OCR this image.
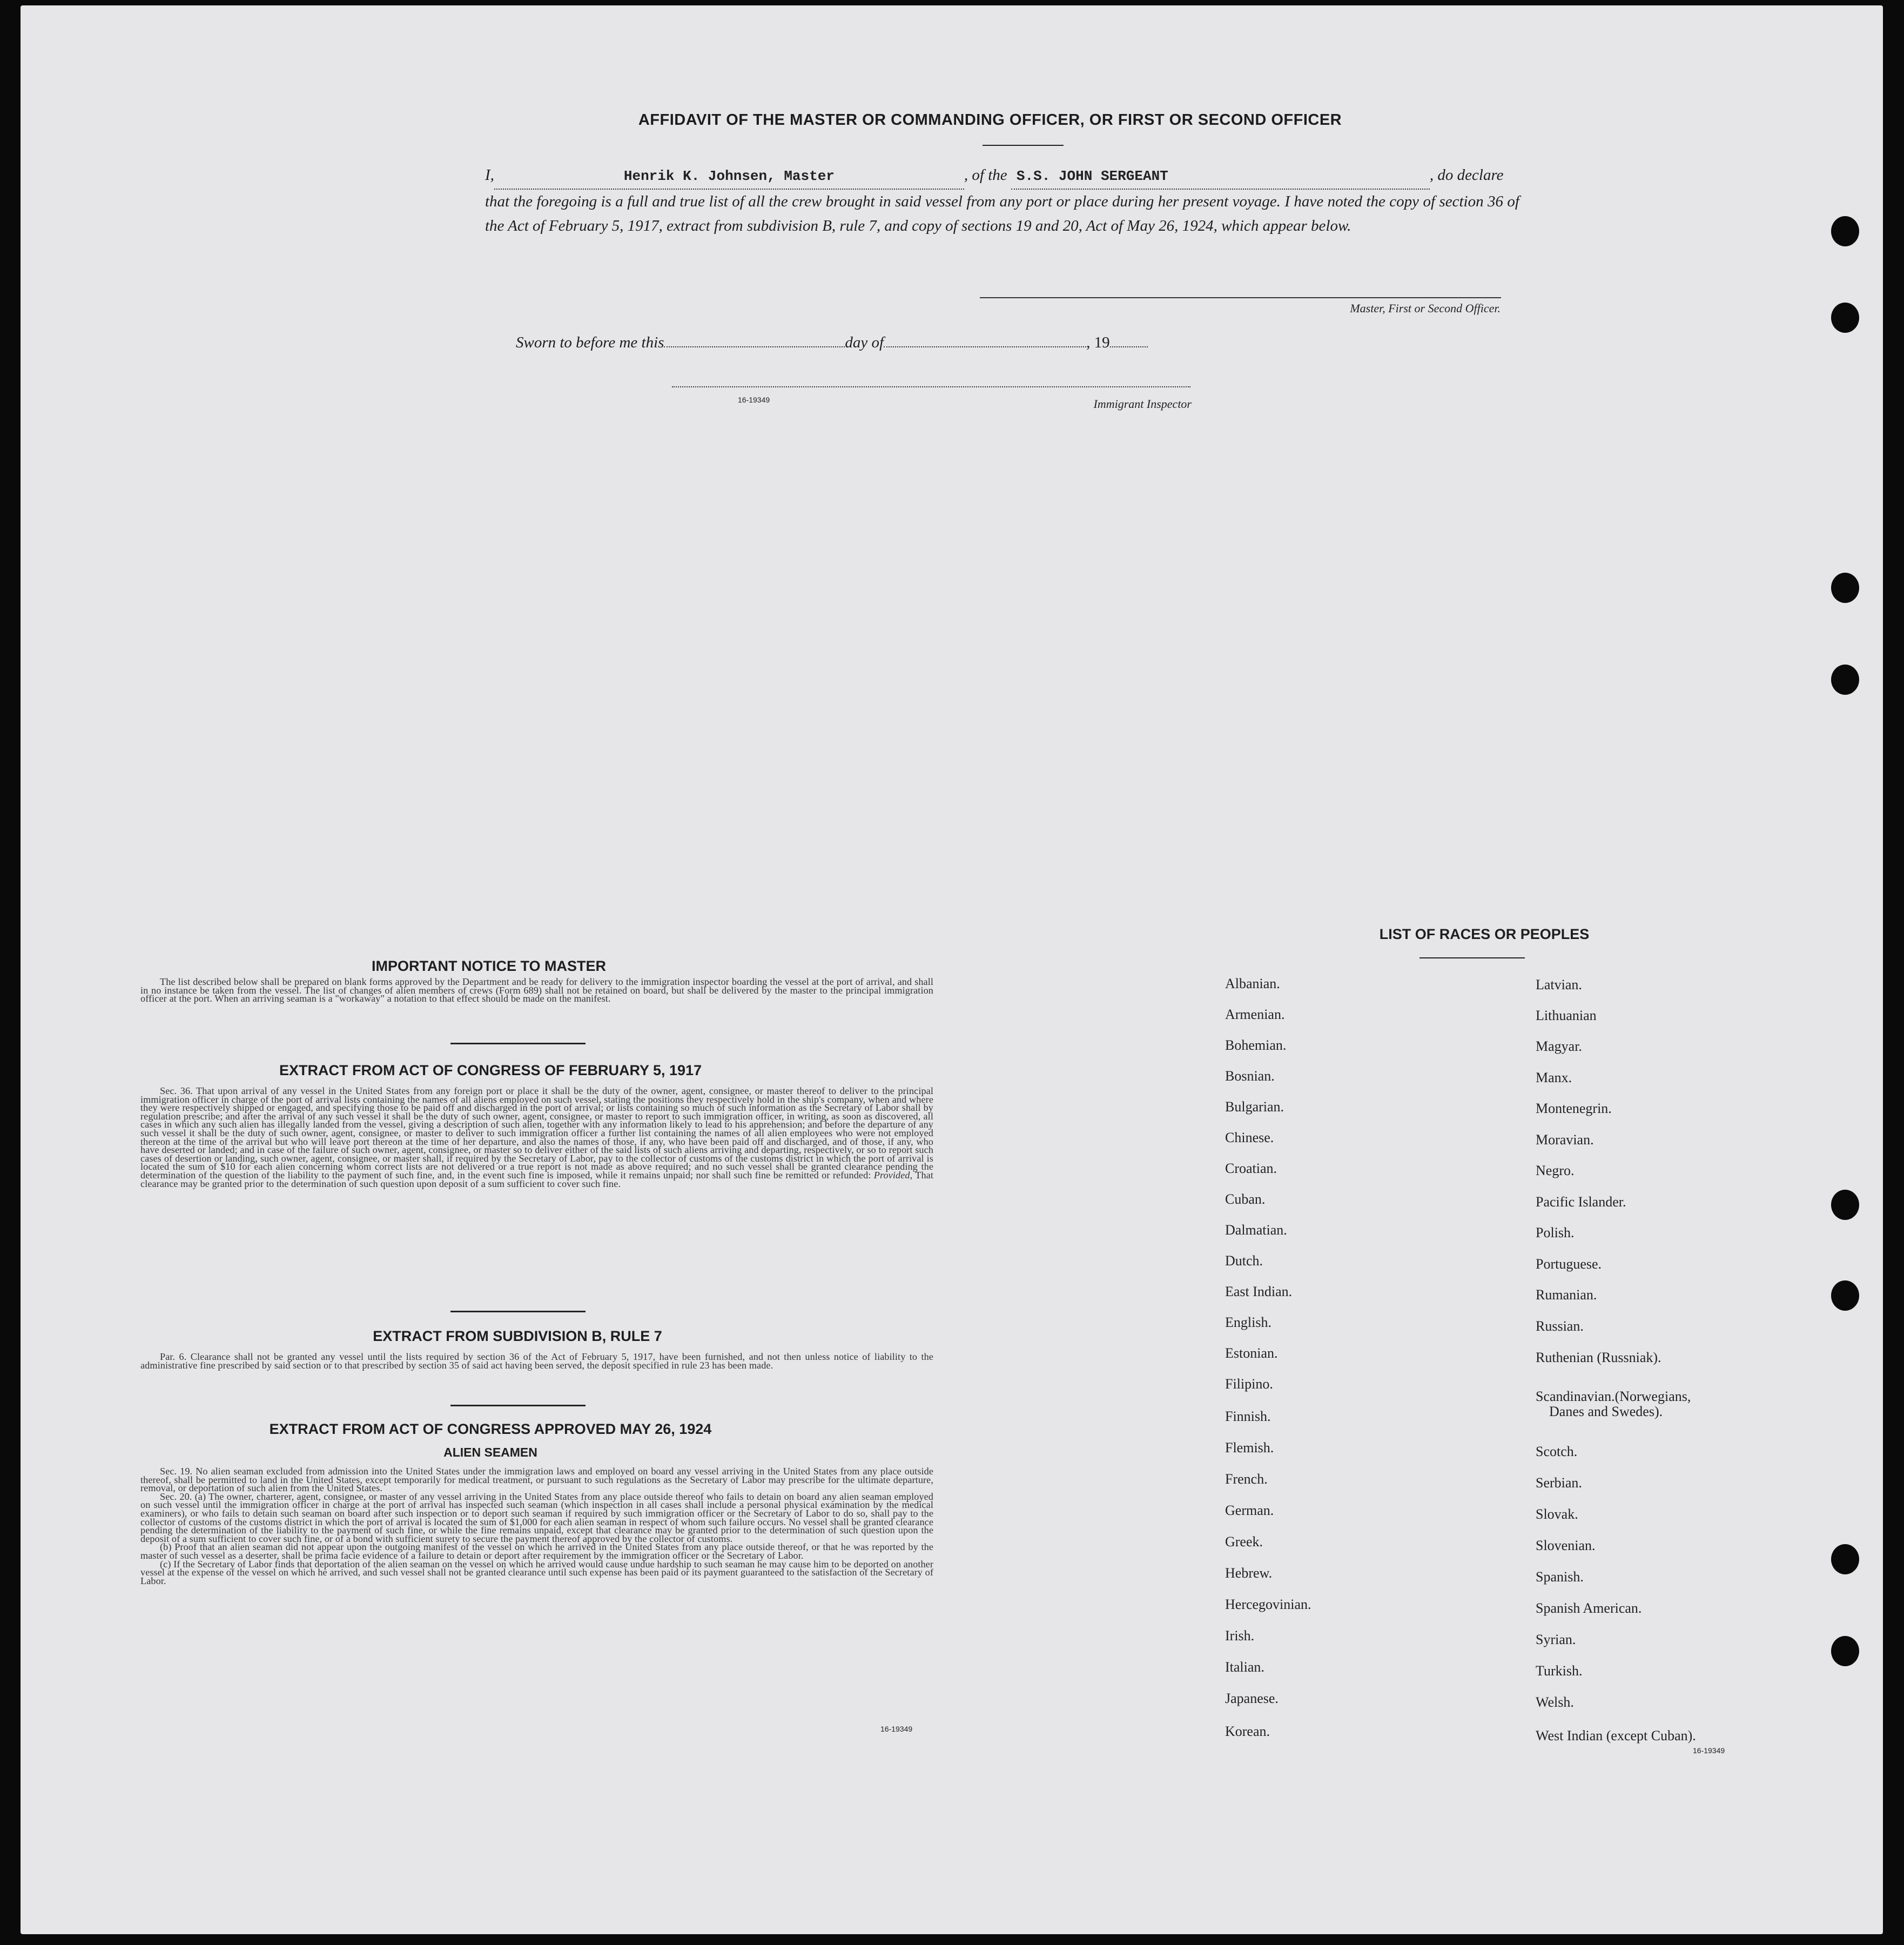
AFFIDAVIT OF THE MASTER OR COMMANDING OFFICER, OR FIRST OR SECOND OFFICER
I,	Henrik K. Johnsen, Master	, of the S.S. JOHN SERGEANT	, do declare
that the foregoing is a full and true list of all the crew brought in said vessel from any port or place during her present voyage. I have noted the copy of section 36 of the Act of February 5, 1917, extract from subdivision B, rule 7, and copy of sections 19 and 20, Act of May 26, 1924, which appear below.
Master, First or Second Officer.
Sworn to before me this	day of	, 19
16-19349	Immigrant Inspector
IMPORTANT NOTICE TO MASTER

The list described below shall be prepared on blank forms approved by the Department and be ready for delivery to the immigration inspector boarding the vessel at the port of arrival, and shall in no instance be taken from the vessel. The list of changes of alien members of crews (Form 689) shall not be retained on board, but shall be delivered by the master to the principal immigration officer at the port. When an arriving seaman is a "workaway" a notation to that effect should be made on the manifest.

EXTRACT FROM ACT OF CONGRESS OF FEBRUARY 5, 1917

Sec. 36. That upon arrival of any vessel in the United States from any foreign port or place it shall be the duty of the owner, agent, consignee, or master thereof to deliver to the principal immigration officer in charge of the port of arrival lists containing the names of all aliens employed on such vessel, stating the positions they respectively hold in the ship's company, when and where they were respectively shipped or engaged, and specifying those to be paid off and discharged in the port of arrival; or lists containing so much of such information as the Secretary of Labor shall by regulation prescribe; and after the arrival of any such vessel it shall be the duty of such owner, agent, consignee, or master to report to such immigration officer, in writing, as soon as discovered, all cases in which any such alien has illegally landed from the vessel, giving a description of such alien, together with any information likely to lead to his apprehension; and before the departure of any such vessel it shall be the duty of such owner, agent, consignee, or master to deliver to such immigration officer a further list containing the names of all alien employees who were not employed thereon at the time of the arrival but who will leave port thereon at the time of her departure, and also the names of those, if any, who have been paid off and discharged, and of those, if any, who have deserted or landed; and in case of the failure of such owner, agent, consignee, or master so to deliver either of the said lists of such aliens arriving and departing, respectively, or so to report such cases of desertion or landing, such owner, agent, consignee, or master shall, if required by the Secretary of Labor, pay to the collector of customs of the customs district in which the port of arrival is located the sum of $10 for each alien concerning whom correct lists are not delivered or a true report is not made as above required; and no such vessel shall be granted clearance pending the determination of the question of the liability to the payment of such fine, and, in the event such fine is imposed, while it remains unpaid; nor shall such fine be remitted or refunded: Provided, That clearance may be granted prior to the determination of such question upon deposit of a sum sufficient to cover such fine.

EXTRACT FROM SUBDIVISION B, RULE 7

Par. 6. Clearance shall not be granted any vessel until the lists required by section 36 of the Act of February 5, 1917, have been furnished, and not then unless notice of liability to the administrative fine prescribed by said section or to that prescribed by section 35 of said act having been served, the deposit specified in rule 23 has been made.

EXTRACT FROM ACT OF CONGRESS APPROVED MAY 26, 1924
ALIEN SEAMEN

Sec. 19. No alien seaman excluded from admission into the United States under the immigration laws and employed on board any vessel arriving in the United States from any place outside thereof, shall be permitted to land in the United States, except temporarily for medical treatment, or pursuant to such regulations as the Secretary of Labor may prescribe for the ultimate departure, removal, or deportation of such alien from the United States.

Sec. 20. (a) The owner, charterer, agent, consignee, or master of any vessel arriving in the United States from any place outside thereof who fails to detain on board any alien seaman employed on such vessel until the immigration officer in charge at the port of arrival has inspected such seaman (which inspection in all cases shall include a personal physical examination by the medical examiners), or who fails to detain such seaman on board after such inspection or to deport such seaman if required by such immigration officer or the Secretary of Labor to do so, shall pay to the collector of customs of the customs district in which the port of arrival is located the sum of $1,000 for each alien seaman in respect of whom such failure occurs. No vessel shall be granted clearance pending the determination of the liability to the payment of such fine, or while the fine remains unpaid, except that clearance may be granted prior to the determination of such question upon the deposit of a sum sufficient to cover such fine, or of a bond with sufficient surety to secure the payment thereof approved by the collector of customs.

(b) Proof that an alien seaman did not appear upon the outgoing manifest of the vessel on which he arrived in the United States from any place outside thereof, or that he was reported by the master of such vessel as a deserter, shall be prima facie evidence of a failure to detain or deport after requirement by the immigration officer or the Secretary of Labor.

(c) If the Secretary of Labor finds that deportation of the alien seaman on the vessel on which he arrived would cause undue hardship to such seaman he may cause him to be deported on another vessel at the expense of the vessel on which he arrived, and such vessel shall not be granted clearance until such expense has been paid or its payment guaranteed to the satisfaction of the Secretary of Labor.

16-19349
LIST OF RACES OR PEOPLES
Albanian.
Armenian.
Bohemian.
Bosnian.
Bulgarian.
Chinese.
Croatian.
Cuban.
Dalmatian.
Dutch.
East Indian.
English.
Estonian.
Filipino.
Finnish.
Flemish.
French.
German.
Greek.
Hebrew.
Hercegovinian.
Irish.
Italian.
Japanese.
Korean.
Latvian.
Lithuanian
Magyar.
Manx.
Montenegrin.
Moravian.
Negro.
Pacific Islander.
Polish.
Portuguese.
Rumanian.
Russian.
Ruthenian (Russniak).
Scandinavian.(Norwegians,
Danes and Swedes).
Scotch.
Serbian.
Slovak.
Slovenian.
Spanish.
Spanish American.
Syrian.
Turkish.
Welsh.
West Indian (except Cuban).
16-19349
